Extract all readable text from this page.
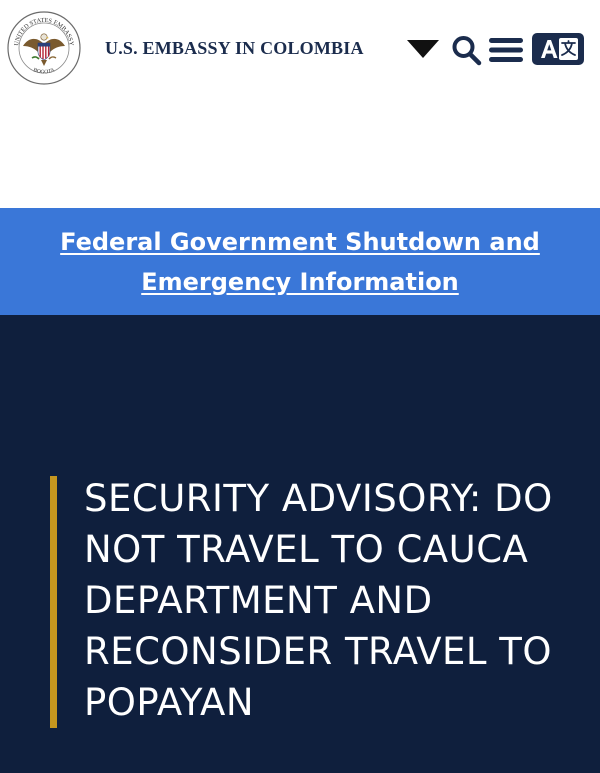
UNITED STATES EMBASSY
BOGOTA
U.S. EMBASSY IN COLOMBIA
Federal Government Shutdown and Emergency Information
SECURITY ADVISORY: DO NOT TRAVEL TO CAUCA DEPARTMENT AND RECONSIDER TRAVEL TO POPAYAN
